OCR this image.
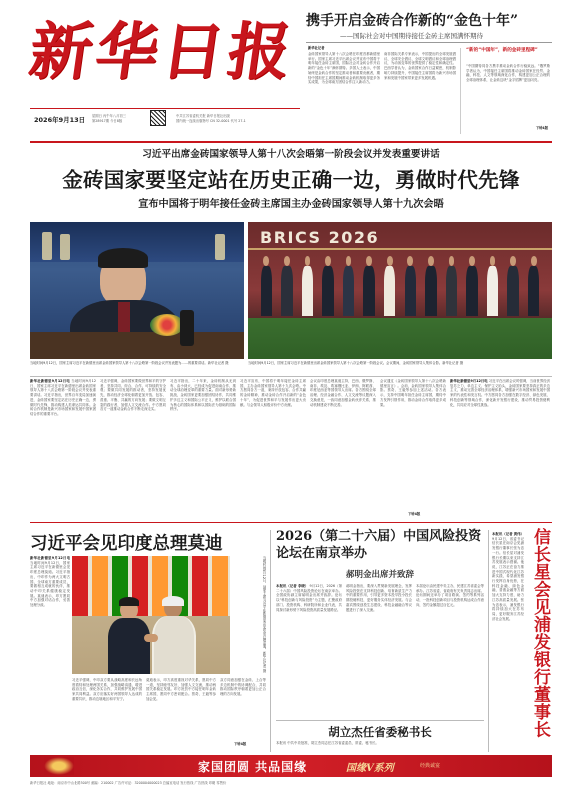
新华日报
2026年9月13日 星期日 丙午年八月初三
第28917期 今日8版
中共江苏省委机关报 新华日报社出版
国内统一连续出版物号 CN 32-0001 代号 27-1
携手开启金砖合作新的“金色十年”
——国际社会对中国期待接任金砖主席国满怀期待
新华社记者
金砖国家领导人第十八次会晤在印度首都新德里举行。国家主席习近平出席会议并宣布中国将于明年接任金砖主席国，国际社会对金砖合作开启新的“金色十年”满怀期待。多国人士表示，中国始终是金砖合作的坚定推动者和重要贡献者，期待中国担任主席国期间推动金砖机制取得更多务实成果，为全球南方团结合作注入新动力。
南非国际关系专家表示，中国提出的全球发展倡议、全球安全倡议、全球文明倡议和全球治理倡议，为动荡变革的世界提供了稳定性和确定性。巴西学者认为，金砖国家合作日益紧密，机制影响力持续提升，中国接任主席国将为新兴市场国家和发展中国家带来更多发展机遇。
“新的“中国年”，新的金砖里程碑”
“中国期待同各方携手推动金砖合作行稳致远。”俄罗斯学者认为，中国接任主席国将推动金砖国家在经贸、金融、科技、人文等领域深化合作，构建更加公正合理的全球治理体系，让金砖这块“金字招牌”更加闪亮。
下转4版
习近平出席金砖国家领导人第十八次会晤第一阶段会议并发表重要讲话
金砖国家要坚定站在历史正确一边，勇做时代先锋
宣布中国将于明年接任金砖主席国主办金砖国家领导人第十九次会晤
当地时间9月12日，国家主席习近平在新德里出席金砖国家领导人第十八次会晤第一阶段会议并发表题为……的重要讲话。新华社记者 摄
BRICS 2026
当地时间9月12日，国家主席习近平在新德里出席金砖国家领导人第十八次会晤第一阶段会议。会议期间，金砖国家领导人集体合影。新华社记者 摄
新华社新德里9月12日电 当地时间9月12日，国家主席习近平在新德里出席金砖国家领导人第十八次会晤第一阶段会议并发表重要讲话。习近平指出，世界百年变局加速演进，金砖国家要坚定站在历史正确一边，勇做时代先锋，推动构建人类命运共同体。金砖合作机制是新兴市场国家和发展中国家团结合作的重要平台。
习近平强调，金砖国家要做世界和平的守护者，坚持共同、综合、合作、可持续的安全观；要做共同发展的推动者，坚持发展优先，推动经济全球化朝着更加开放、包容、普惠、平衡、共赢的方向发展；要做文明互鉴的践行者，加强人文交流合作。中方愿同各方一道推动金砖合作不断走深走实。
习近平指出，二十年来，金砖机制从无到有、由小到大，已经成为促进南南合作、推动全球治理变革的重要力量。面对新形势新挑战，金砖国家更要加强团结协作，共同维护多边主义和国际公平正义，维护以联合国为核心的国际体系和以国际法为基础的国际秩序。
习近平宣布，中国将于明年接任金砖主席国，主办金砖国家领导人第十九次会晤。中方愿同各方一道，秉持开放包容、合作共赢的金砖精神，推动金砖合作开启新的“金色十年”，为促进世界和平与发展作出更大贡献。与会领导人积极评价中方贡献。
会议由印度总理莫迪主持，巴西、俄罗斯、南非、埃及、埃塞俄比亚、伊朗、阿联酋、印度尼西亚等国领导人出席。各方围绕全球治理、经济金融合作、人文交流等议题深入交换意见，一致同意加强金砖伙伴关系，推动机制建设不断完善。
会议通过《金砖国家领导人第十八次会晤新德里宣言》。会前，金砖国家领导人集体合影。蔡奇、王毅等参加上述活动。各方表示，支持中国明年担任金砖主席国，期待中方发挥引领作用，推动金砖合作取得更多成果。
新华社新德里9月12日电 习近平在出席会议时强调，当前世界经济复苏乏力，单边主义、保护主义抬头，金砖国家要坚持真正的多边主义，推动完善全球经济治理体系，增强新兴市场国家和发展中国家的代表性和发言权。中方愿同各方加强在数字经济、绿色发展、科技创新等领域合作，深化新开发银行建设，推动贸易投资便利化，共同应对全球性挑战。
下转4版
习近平会见印度总理莫迪
新华社新德里9月12日电 当地时间9月12日，国家主席习近平在新德里会见印度总理莫迪。习近平指出，中印作为两大文明古国、全球南方重要成员，要做相互成就的伙伴，推动中印关系健康稳定发展。莫迪表示，印方愿同中方加强对话合作，妥善处理分歧。	当地时间9月12日，国家主席习近平在新德里会见印度总理莫迪。新华社记者 摄
习近平强调，中印双方要从战略高度和长远角度看待和处理两国关系，加强战略沟通，增进政治互信，深化务实合作，共同维护发展中国家共同利益。双方应落实好两国领导人达成的重要共识，推动边境地区和平安宁。
莫迪表示，印方高度重视对华关系，愿同中方一道，坚持睦邻友好，加强人文交流，推动两国关系稳定发展。印方祝贺中方接任明年金砖主席国，愿同中方密切配合。蔡奇、王毅等参加会见。
双方同意加强在金砖、上合等多边机制中的协调配合，共同推动国际秩序朝着更加公正合理的方向发展。
下转4版
2026（第二十六届）中国风险投资论坛在南京举办
郝明金出席并致辞
本报讯（记者 李晓） 9月12日，2026（第二十六届）中国风险投资论坛在南京举办。全国政协副主席郝明金出席并致辞。论坛以“科技创新与风险投资”为主题，汇聚政府部门、投资机构、科研院所和企业代表，共同探讨新形势下风险投资高质量发展路径。
郝明金指出，要深入贯彻新发展理念，发挥风险投资在支持科技创新、培育新质生产力中的重要作用，引导更多资本投早投小投长期投硬科技，更好服务实体经济发展。与会嘉宾围绕创投生态建设、科技金融融合等议题进行了深入交流。
本届论坛由民建中央主办，民建江苏省委会等承办。江苏省委、省政府有关负责同志出席。论坛期间还举办了项目路演、签约等系列活动，一批科技创新项目与投资机构达成合作意向，签约金额超过百亿元。
胡立杰任省委秘书长
本报讯 中共中央批准，胡立杰同志任江苏省委委员、常委、秘书长。
本报讯（记者 黄伟） 9月12日，省委书记信长星在南京会见浦发银行董事长张为忠一行。信长星对浦发银行长期以来支持江苏发展表示感谢。他说，江苏正在奋力推进中国式现代化江苏新实践，希望浦发银行发挥自身优势，在科技金融、绿色金融、普惠金融等方面加大支持力度，助力江苏高质量发展。张为忠表示，浦发银行将持续加大在苏布局，更好服务江苏经济社会发展。
信长星会见浦发银行董事长
家国团圆 共品国缘	国缘V系列	经典诚宴
新华日报社 地址：南京市中山北路300号 邮编：210002 广告许可证：3200004000023 总编室电话 发行热线 广告热线 印刷 零售价
